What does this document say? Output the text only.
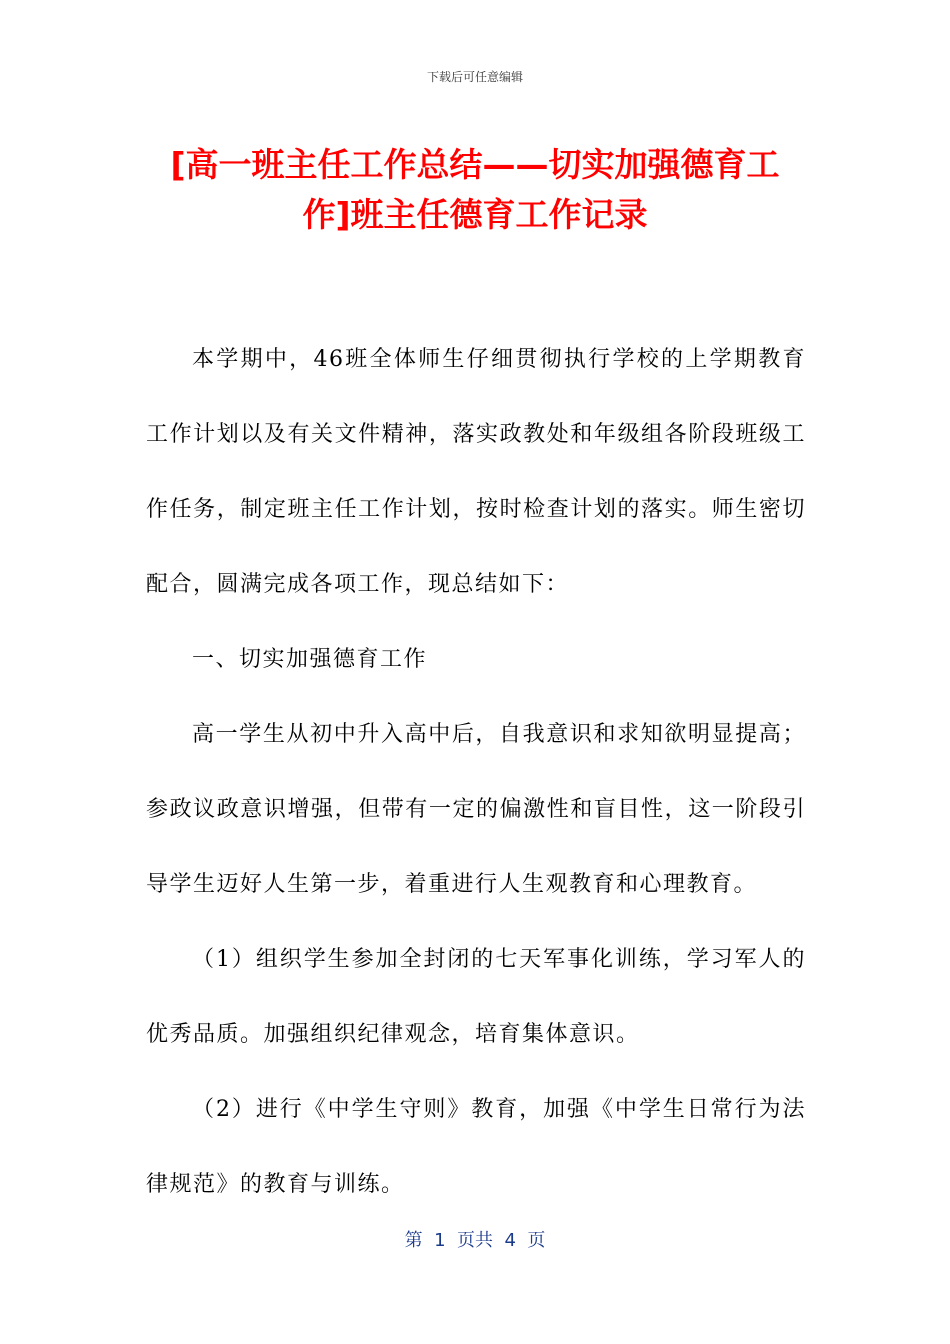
下载后可任意编辑
[高一班主任工作总结——切实加强德育工作]班主任德育工作记录

本学期中，46班全体师生仔细贯彻执行学校的上学期教育工作计划以及有关文件精神，落实政教处和年级组各阶段班级工作任务，制定班主任工作计划，按时检查计划的落实。师生密切配合，圆满完成各项工作，现总结如下：

一、切实加强德育工作

高一学生从初中升入高中后，自我意识和求知欲明显提高；参政议政意识增强，但带有一定的偏激性和盲目性，这一阶段引导学生迈好人生第一步，着重进行人生观教育和心理教育。

（1）组织学生参加全封闭的七天军事化训练，学习军人的优秀品质。加强组织纪律观念，培育集体意识。

（2）进行《中学生守则》教育，加强《中学生日常行为法律规范》的教育与训练。

第  1  页共  4  页
